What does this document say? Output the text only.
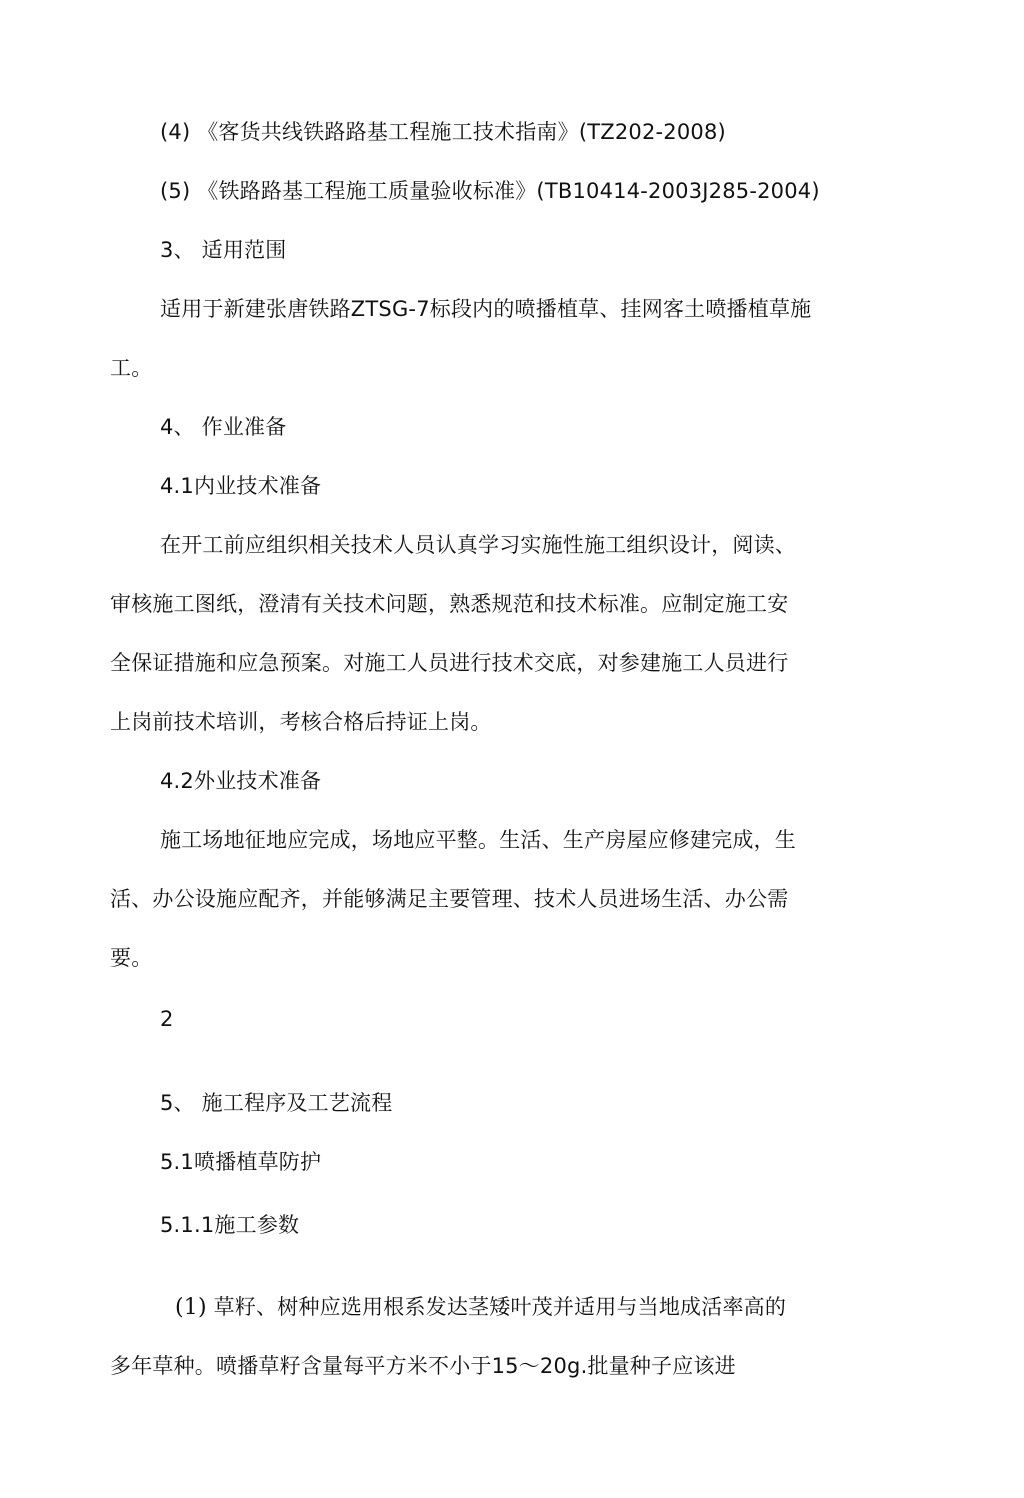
(4) 《客货共线铁路路基工程施工技术指南》(TZ202-2008)
(5) 《铁路路基工程施工质量验收标准》(TB10414-2003J285-2004)
3、 适用范围
适用于新建张唐铁路ZTSG-7标段内的喷播植草、挂网客土喷播植草施
工。
4、 作业准备
4.1内业技术准备
在开工前应组织相关技术人员认真学习实施性施工组织设计，阅读、
审核施工图纸，澄清有关技术问题，熟悉规范和技术标准。应制定施工安
全保证措施和应急预案。对施工人员进行技术交底，对参建施工人员进行
上岗前技术培训，考核合格后持证上岗。
4.2外业技术准备
施工场地征地应完成，场地应平整。生活、生产房屋应修建完成，生
活、办公设施应配齐，并能够满足主要管理、技术人员进场生活、办公需
要。
2
5、 施工程序及工艺流程
5.1喷播植草防护
5.1.1施工参数
(1) 草籽、树种应选用根系发达茎矮叶茂并适用与当地成活率高的
多年草种。喷播草籽含量每平方米不小于15～20g.批量种子应该进
